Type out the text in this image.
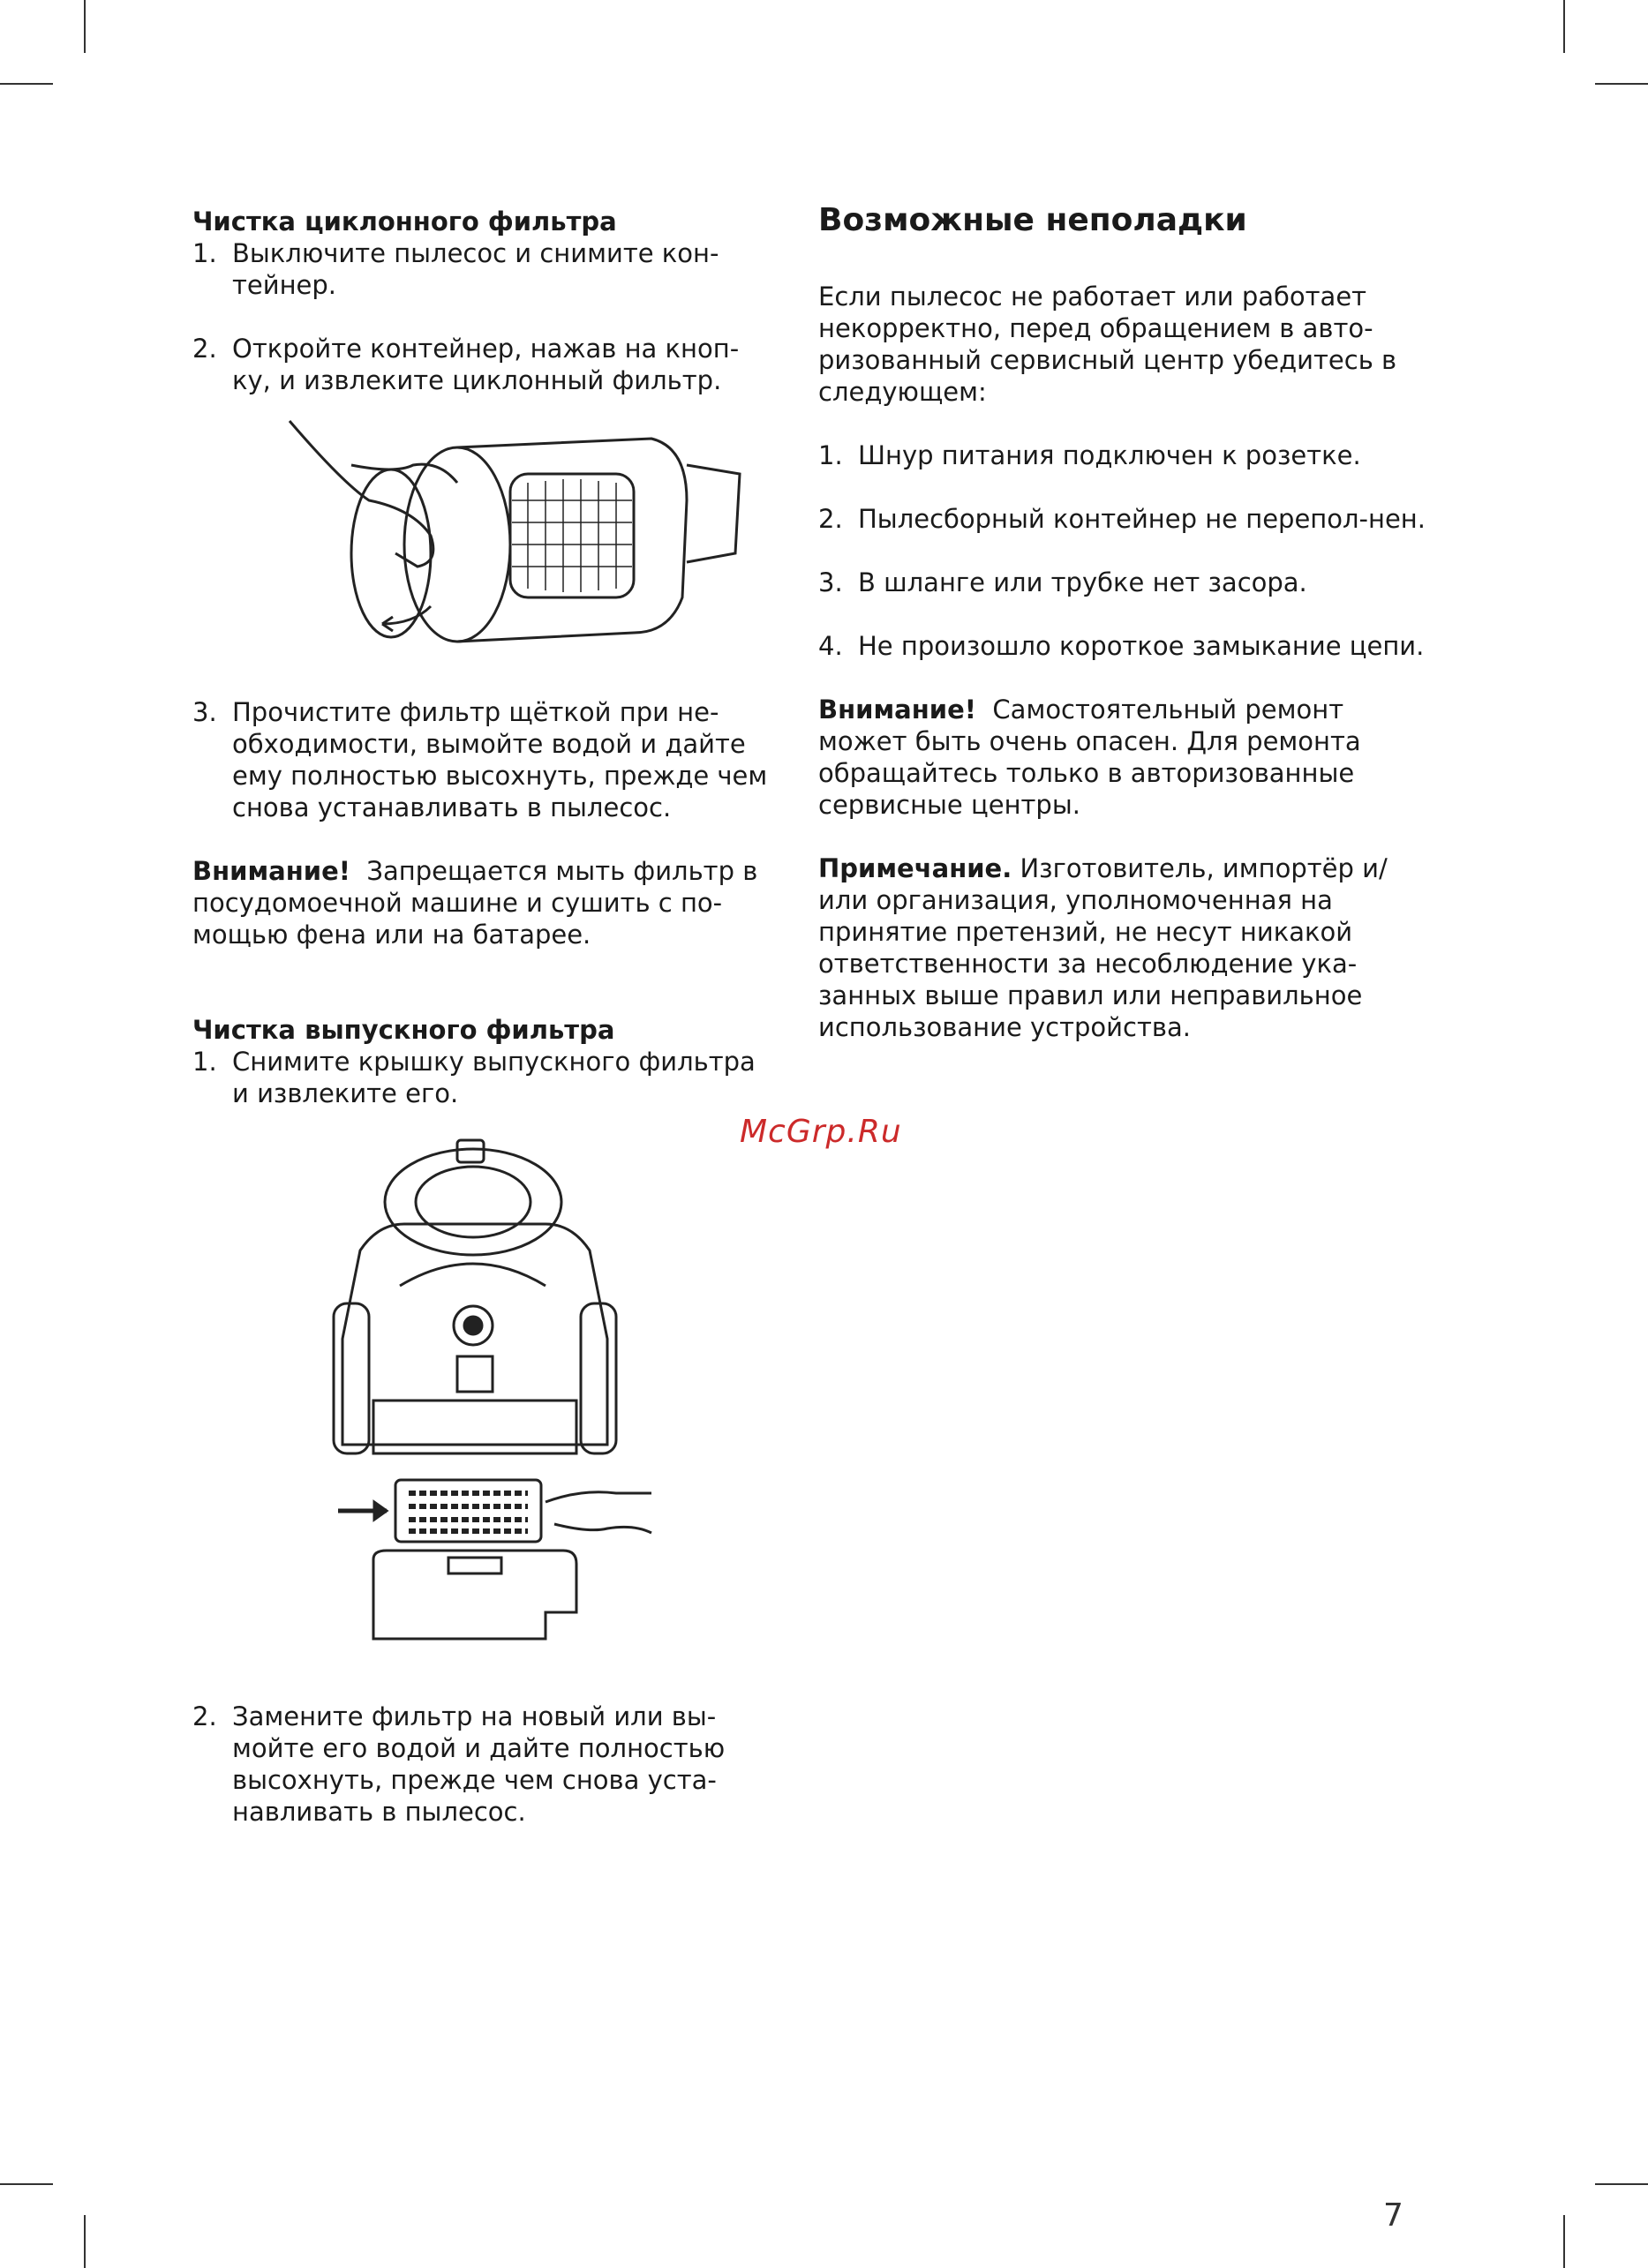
Чистка циклонного фильтра

1. Выключите пылесос и снимите кон-тейнер.
2. Откройте контейнер, нажав на кноп-ку, и извлеките циклонный фильтр.
3. Прочистите фильтр щёткой при не-обходимости, вымойте водой и дайте ему полностью высохнуть, прежде чем снова устанавливать в пылесос.

Внимание! Запрещается мыть фильтр в посудомоечной машине и сушить с по-мощью фена или на батарее.

Чистка выпускного фильтра

1. Снимите крышку выпускного фильтра и извлеките его.
2. Замените фильтр на новый или вы-мойте его водой и дайте полностью высохнуть, прежде чем снова уста-навливать в пылесос.

Возможные неполадки

Если пылесос не работает или работает некорректно, перед обращением в авто-ризованный сервисный центр убедитесь в следующем:

1. Шнур питания подключен к розетке.
2. Пылесборный контейнер не перепол-нен.
3. В шланге или трубке нет засора.
4. Не произошло короткое замыкание цепи.

Внимание! Самостоятельный ремонт может быть очень опасен. Для ремонта обращайтесь только в авторизованные сервисные центры.

Примечание. Изготовитель, импортёр и/или организация, уполномоченная на принятие претензий, не несут никакой ответственности за несоблюдение ука-занных выше правил или неправильное использование устройства.

McGrp.Ru
7
